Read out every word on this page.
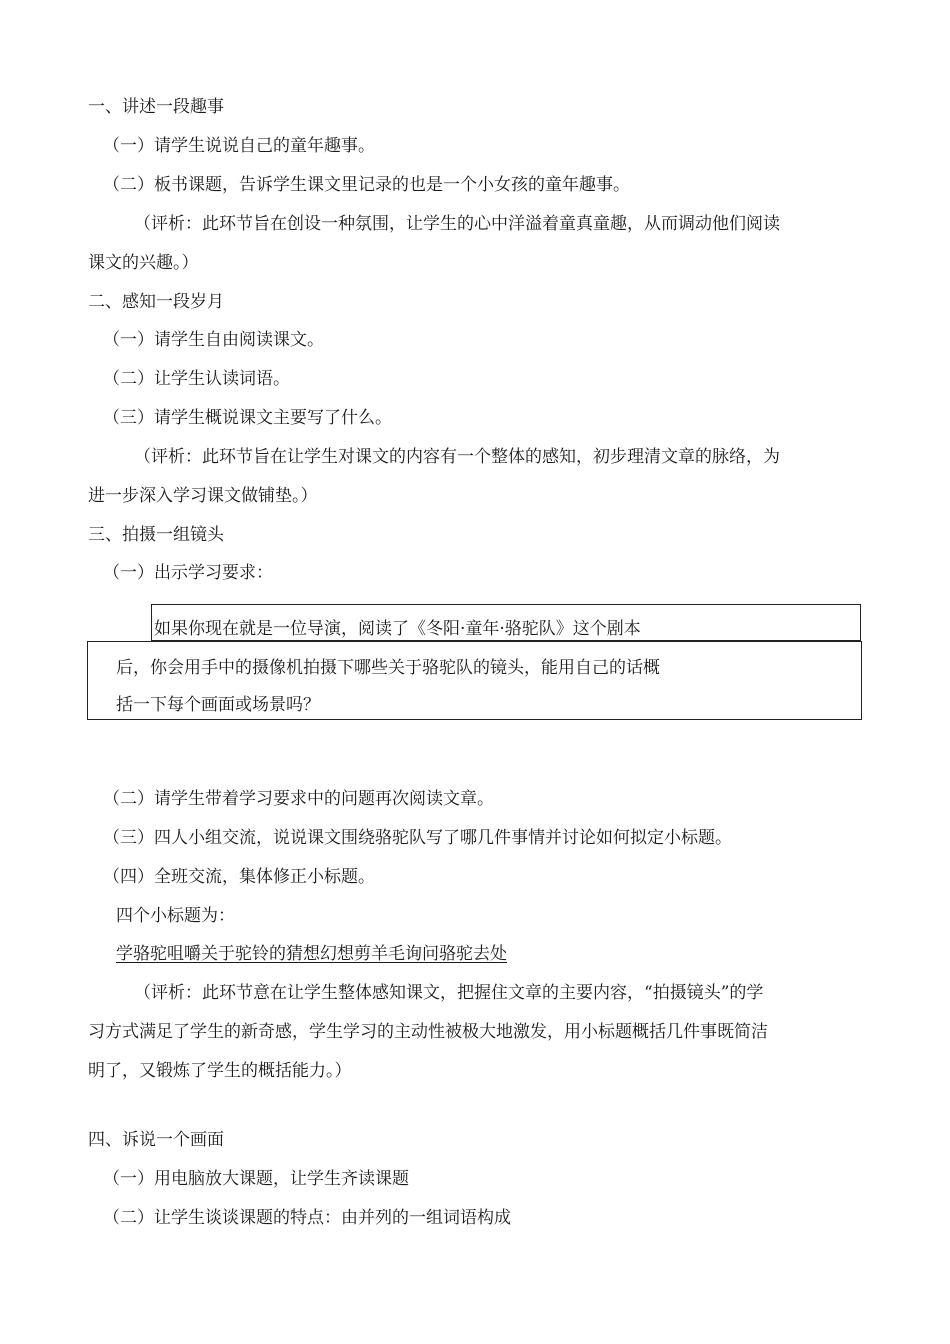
一、讲述一段趣事
（一）请学生说说自己的童年趣事。
（二）板书课题，告诉学生课文里记录的也是一个小女孩的童年趣事。
（评析：此环节旨在创设一种氛围，让学生的心中洋溢着童真童趣，从而调动他们阅读
课文的兴趣。）
二、感知一段岁月
（一）请学生自由阅读课文。
（二）让学生认读词语。
（三）请学生概说课文主要写了什么。
（评析：此环节旨在让学生对课文的内容有一个整体的感知，初步理清文章的脉络，为
进一步深入学习课文做铺垫。）
三、拍摄一组镜头
（一）出示学习要求：
如果你现在就是一位导演，阅读了《冬阳·童年·骆驼队》这个剧本
后，你会用手中的摄像机拍摄下哪些关于骆驼队的镜头，能用自己的话概
括一下每个画面或场景吗？
（二）请学生带着学习要求中的问题再次阅读文章。
（三）四人小组交流，说说课文围绕骆驼队写了哪几件事情并讨论如何拟定小标题。
（四）全班交流，集体修正小标题。
四个小标题为：
学骆驼咀嚼关于驼铃的猜想幻想剪羊毛询问骆驼去处
（评析：此环节意在让学生整体感知课文，把握住文章的主要内容，“拍摄镜头”的学
习方式满足了学生的新奇感，学生学习的主动性被极大地激发，用小标题概括几件事既简洁
明了，又锻炼了学生的概括能力。）
四、诉说一个画面
（一）用电脑放大课题，让学生齐读课题
（二）让学生谈谈课题的特点：由并列的一组词语构成
